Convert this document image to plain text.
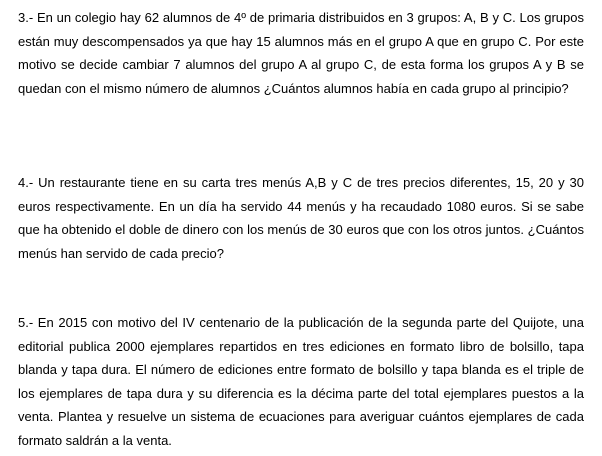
3.- En un colegio hay 62 alumnos de 4º de primaria distribuidos en 3 grupos: A, B y C. Los grupos están muy descompensados ya que hay 15 alumnos más en el grupo A que en grupo C. Por este motivo se decide cambiar 7 alumnos del grupo A al grupo C, de esta forma los grupos A y B se quedan con el mismo número de alumnos ¿Cuántos alumnos había en cada grupo al principio?

4.- Un restaurante tiene en su carta tres menús A,B y C de tres precios diferentes, 15, 20 y 30 euros respectivamente. En un día ha servido 44 menús y ha recaudado 1080 euros. Si se sabe que ha obtenido el doble de dinero con los menús de 30 euros que con los otros juntos. ¿Cuántos menús han servido de cada precio?

5.- En 2015 con motivo del IV centenario de la publicación de la segunda parte del Quijote, una editorial publica 2000 ejemplares repartidos en tres ediciones en formato libro de bolsillo, tapa blanda y tapa dura. El número de ediciones entre formato de bolsillo y tapa blanda es el triple de los ejemplares de tapa dura y su diferencia es la décima parte del total ejemplares puestos a la venta. Plantea y resuelve un sistema de ecuaciones para averiguar cuántos ejemplares de cada formato saldrán a la venta.
